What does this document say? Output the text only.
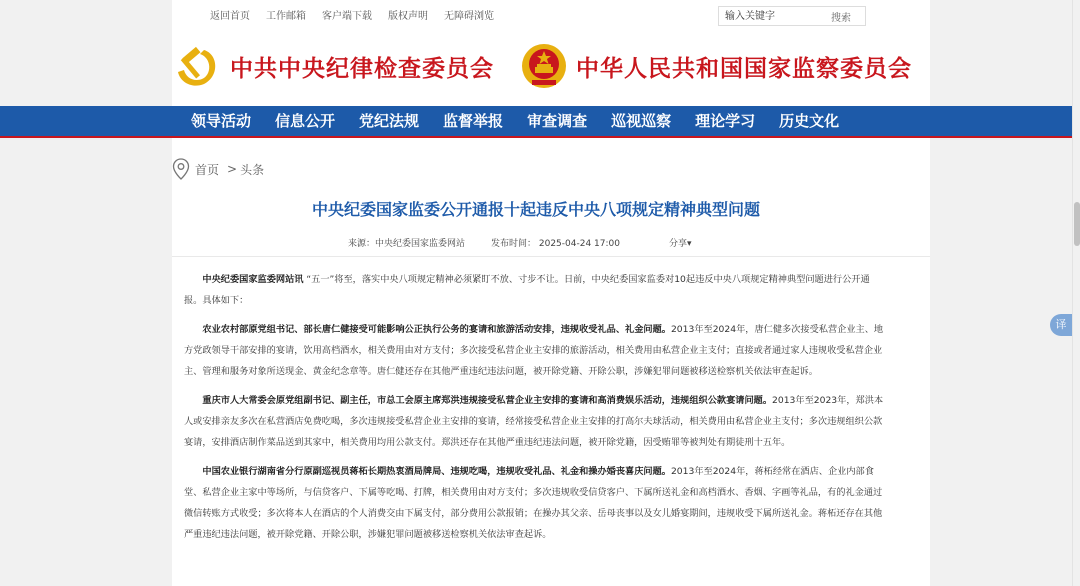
返回首页 工作邮箱 客户端下载 版权声明 无障碍浏览
输入关键字	搜索
中共中央纪律检查委员会	中华人民共和国国家监察委员会
首页 > 头条
中央纪委国家监委公开通报十起违反中央八项规定精神典型问题
来源：中央纪委国家监委网站	发布时间： 2025-04-24 17:00	分享▾

中央纪委国家监委网站讯 “五一”将至，落实中央八项规定精神必须紧盯不放、寸步不让。日前，中央纪委国家监委对10起违反中央八项规定精神典型问题进行公开通报。具体如下：

农业农村部原党组书记、部长唐仁健接受可能影响公正执行公务的宴请和旅游活动安排，违规收受礼品、礼金问题。2013年至2024年，唐仁健多次接受私营企业主、地方党政领导干部安排的宴请，饮用高档酒水，相关费用由对方支付；多次接受私营企业主安排的旅游活动，相关费用由私营企业主支付；直接或者通过家人违规收受私营企业主、管理和服务对象所送现金、黄金纪念章等。唐仁健还存在其他严重违纪违法问题，被开除党籍、开除公职，涉嫌犯罪问题被移送检察机关依法审查起诉。

重庆市人大常委会原党组副书记、副主任，市总工会原主席郑洪违规接受私营企业主安排的宴请和高消费娱乐活动，违规组织公款宴请问题。2013年至2023年，郑洪本人或安排亲友多次在私营酒店免费吃喝，多次违规接受私营企业主安排的宴请，经常接受私营企业主安排的打高尔夫球活动，相关费用由私营企业主支付；多次违规组织公款宴请，安排酒店制作菜品送到其家中，相关费用均用公款支付。郑洪还存在其他严重违纪违法问题，被开除党籍，因受贿罪等被判处有期徒刑十五年。

中国农业银行湖南省分行原副巡视员蒋柘长期热衷酒局牌局、违规吃喝，违规收受礼品、礼金和操办婚丧喜庆问题。2013年至2024年，蒋柘经常在酒店、企业内部食堂、私营企业主家中等场所，与信贷客户、下属等吃喝、打牌，相关费用由对方支付；多次违规收受信贷客户、下属所送礼金和高档酒水、香烟、字画等礼品，有的礼金通过微信转账方式收受；多次将本人在酒店的个人消费交由下属支付，部分费用公款报销；在操办其父亲、岳母丧事以及女儿婚宴期间，违规收受下属所送礼金。蒋柘还存在其他严重违纪违法问题，被开除党籍、开除公职，涉嫌犯罪问题被移送检察机关依法审查起诉。

领导活动 信息公开 党纪法规 监督举报 审查调查 巡视巡察 理论学习 历史文化
译
